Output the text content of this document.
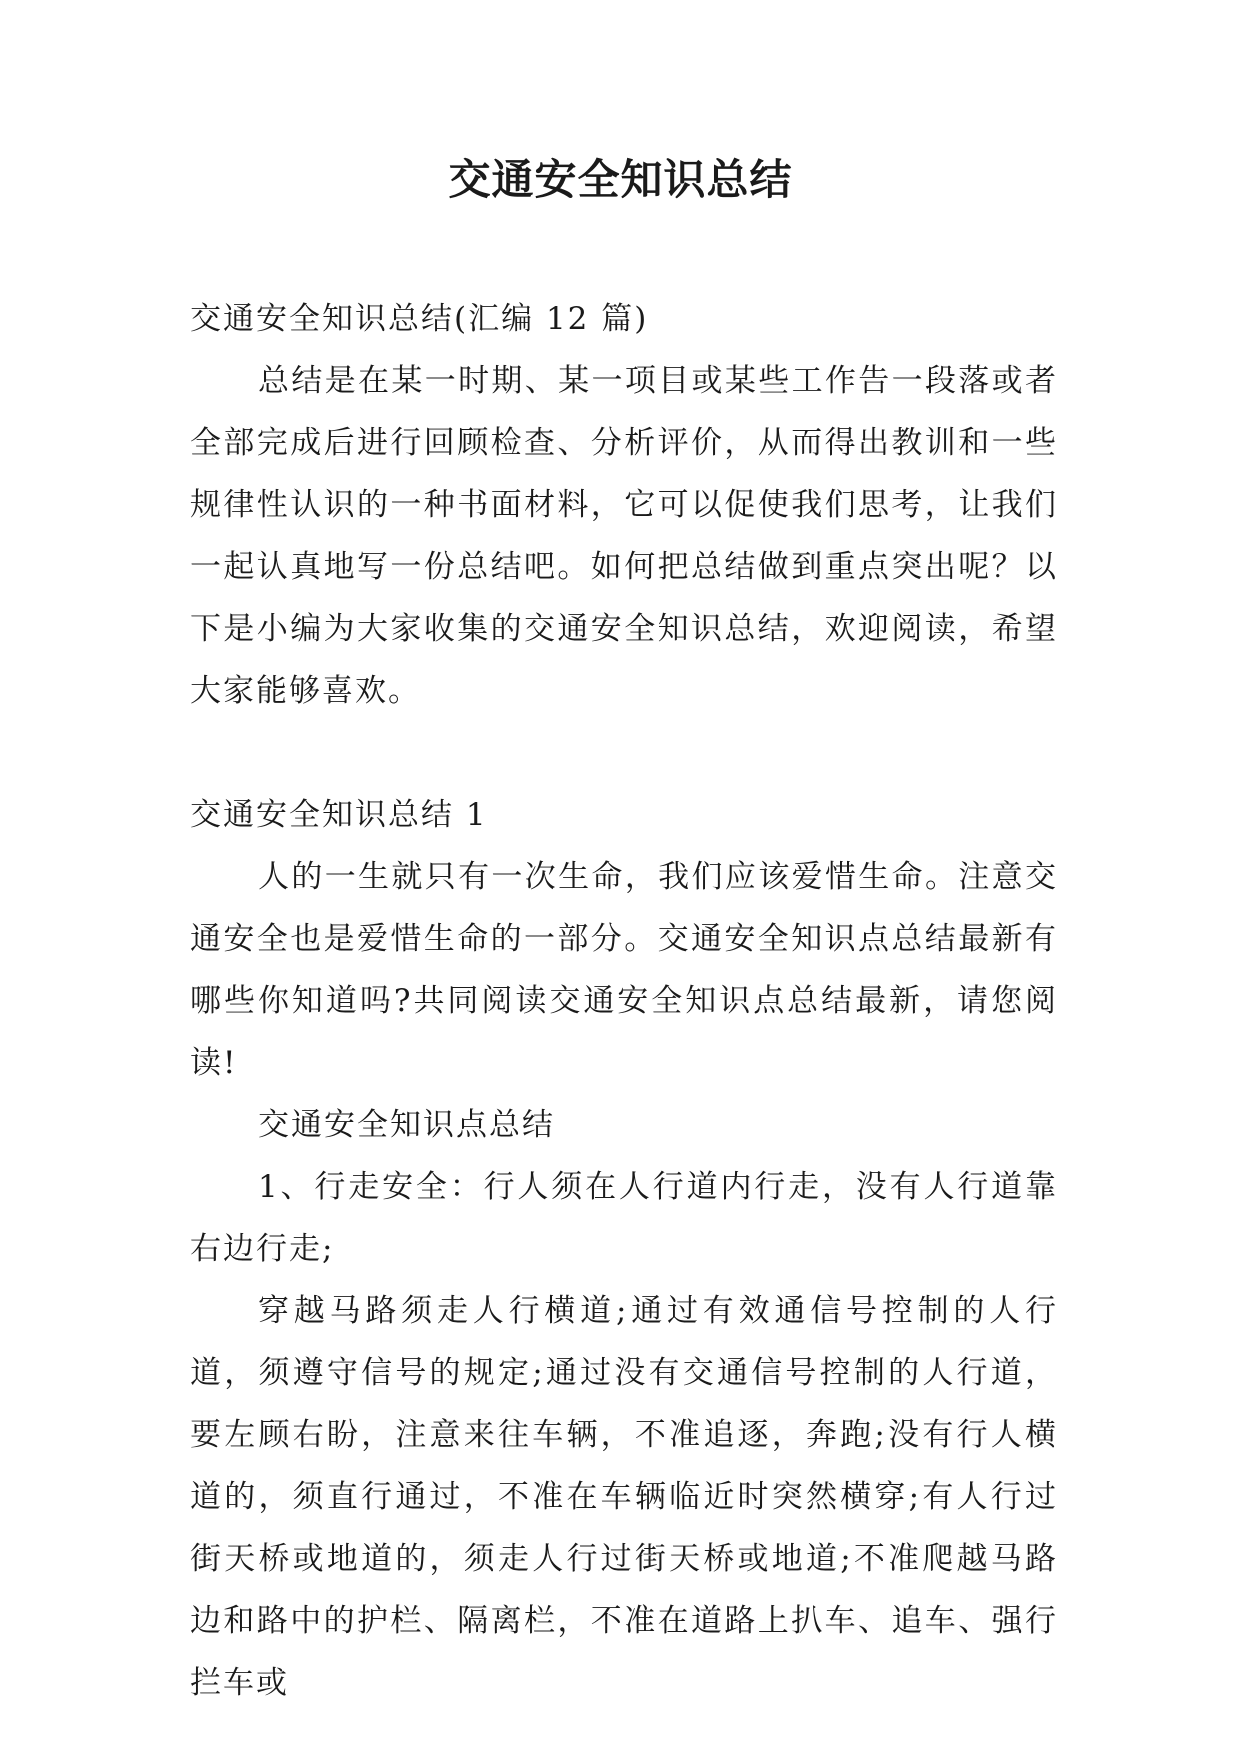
交通安全知识总结

交通安全知识总结(汇编 12 篇)

总结是在某一时期、某一项目或某些工作告一段落或者全部完成后进行回顾检查、分析评价，从而得出教训和一些规律性认识的一种书面材料，它可以促使我们思考，让我们一起认真地写一份总结吧。如何把总结做到重点突出呢？以下是小编为大家收集的交通安全知识总结，欢迎阅读，希望大家能够喜欢。

交通安全知识总结 1

人的一生就只有一次生命，我们应该爱惜生命。注意交通安全也是爱惜生命的一部分。交通安全知识点总结最新有哪些你知道吗?共同阅读交通安全知识点总结最新，请您阅读!

交通安全知识点总结

1、行走安全：行人须在人行道内行走，没有人行道靠右边行走;

穿越马路须走人行横道;通过有效通信号控制的人行道，须遵守信号的规定;通过没有交通信号控制的人行道，要左顾右盼，注意来往车辆，不准追逐，奔跑;没有行人横道的，须直行通过，不准在车辆临近时突然横穿;有人行过街天桥或地道的，须走人行过街天桥或地道;不准爬越马路边和路中的护栏、隔离栏，不准在道路上扒车、追车、强行拦车或
